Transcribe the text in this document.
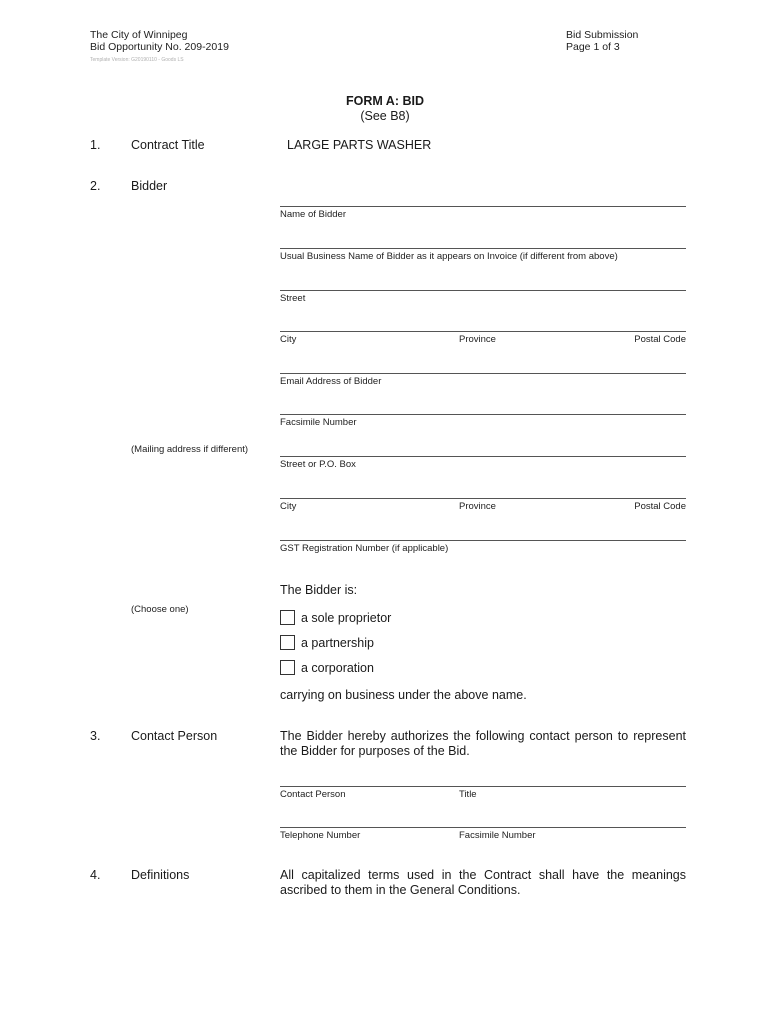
The City of Winnipeg
Bid Opportunity No. 209-2019
Template Version: G20190110 - Goods LS
Bid Submission
Page 1 of 3
FORM A: BID
(See B8)
1. Contract Title	LARGE PARTS WASHER
2. Bidder
Name of Bidder
Usual Business Name of Bidder as it appears on Invoice (if different from above)
Street
City	Province	Postal Code
Email Address of Bidder
Facsimile Number
(Mailing address if different)
Street or P.O. Box
City	Province	Postal Code
GST Registration Number (if applicable)
The Bidder is:
(Choose one)
a sole proprietor
a partnership
a corporation
carrying on business under the above name.
3. Contact Person	The Bidder hereby authorizes the following contact person to represent the Bidder for purposes of the Bid.
Contact Person	Title
Telephone Number	Facsimile Number
4. Definitions	All capitalized terms used in the Contract shall have the meanings ascribed to them in the General Conditions.
